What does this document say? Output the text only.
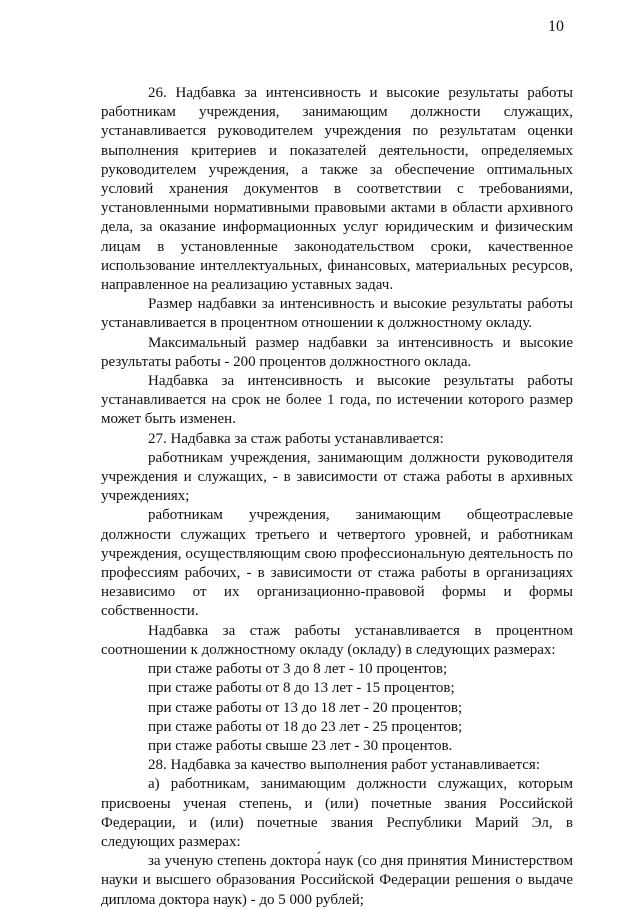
10

26. Надбавка за интенсивность и высокие результаты работы работникам учреждения, занимающим должности служащих, устанавливается руководителем учреждения по результатам оценки выполнения критериев и показателей деятельности, определяемых руководителем учреждения, а также за обеспечение оптимальных условий хранения документов в соответствии с требованиями, установленными нормативными правовыми актами в области архивного дела, за оказание информационных услуг юридическим и физическим лицам в установленные законодательством сроки, качественное использование интеллектуальных, финансовых, материальных ресурсов, направленное на реализацию уставных задач.

Размер надбавки за интенсивность и высокие результаты работы устанавливается в процентном отношении к должностному окладу.

Максимальный размер надбавки за интенсивность и высокие результаты работы - 200 процентов должностного оклада.

Надбавка за интенсивность и высокие результаты работы устанавливается на срок не более 1 года, по истечении которого размер может быть изменен.

27. Надбавка за стаж работы устанавливается:

работникам учреждения, занимающим должности руководителя учреждения и служащих, - в зависимости от стажа работы в архивных учреждениях;

работникам учреждения, занимающим общеотраслевые должности служащих третьего и четвертого уровней, и работникам учреждения, осуществляющим свою профессиональную деятельность по профессиям рабочих, - в зависимости от стажа работы в организациях независимо от их организационно-правовой формы и формы собственности.

Надбавка за стаж работы устанавливается в процентном соотношении к должностному окладу (окладу) в следующих размерах:

при стаже работы от 3 до 8 лет - 10 процентов;

при стаже работы от 8 до 13 лет - 15 процентов;

при стаже работы от 13 до 18 лет - 20 процентов;

при стаже работы от 18 до 23 лет - 25 процентов;

при стаже работы свыше 23 лет - 30 процентов.

28. Надбавка за качество выполнения работ устанавливается:

а) работникам, занимающим должности служащих, которым присвоены ученая степень, и (или) почетные звания Российской Федерации, и (или) почетные звания Республики Марий Эл, в следующих размерах:

за ученую степень доктора́ наук (со дня принятия Министерством науки и высшего образования Российской Федерации решения о выдаче диплома доктора наук) - до 5 000 рублей;
